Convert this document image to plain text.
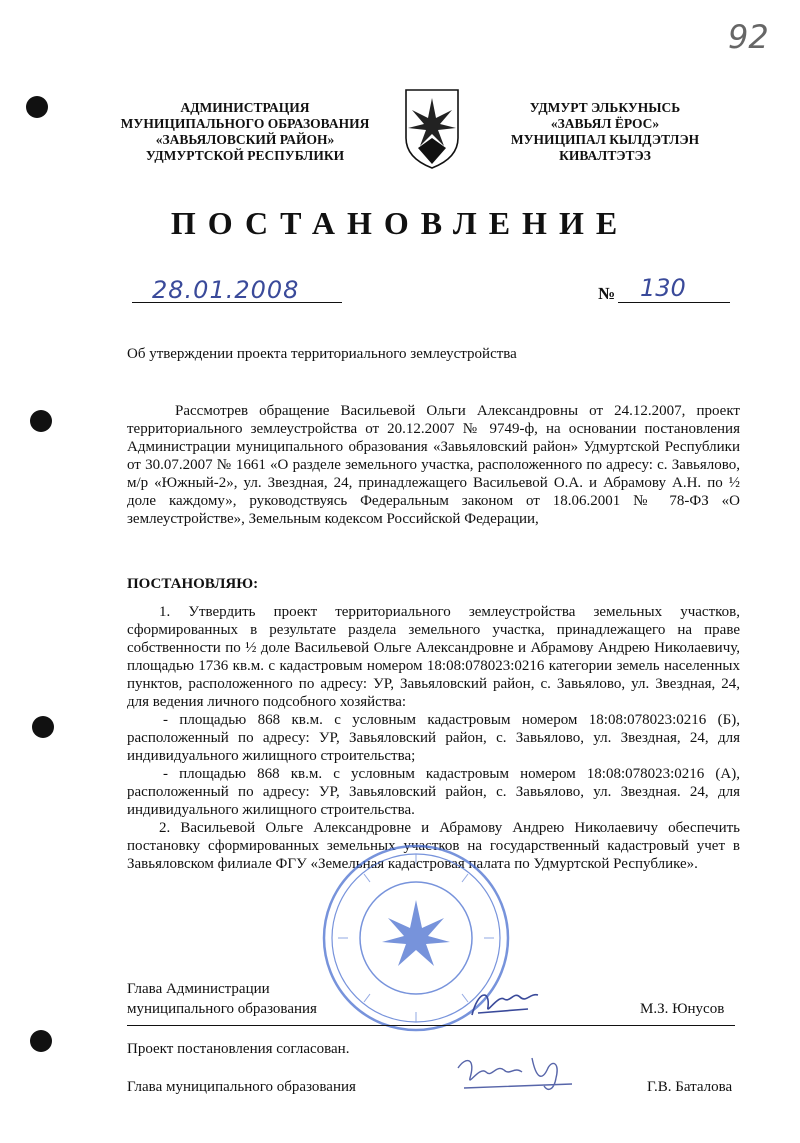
92
АДМИНИСТРАЦИЯ
МУНИЦИПАЛЬНОГО ОБРАЗОВАНИЯ
«ЗАВЬЯЛОВСКИЙ РАЙОН»
УДМУРТСКОЙ РЕСПУБЛИКИ
УДМУРТ ЭЛЬКУНЫСЬ
«ЗАВЬЯЛ ЁРОС»
МУНИЦИПАЛ КЫЛДЭТЛЭН
КИВАЛТЭТЭЗ
ПОСТАНОВЛЕНИЕ
28.01.2008	№ 130
Об утверждении проекта территориального землеустройства

Рассмотрев обращение Васильевой Ольги Александровны от 24.12.2007, проект территориального землеустройства от 20.12.2007 № 9749-ф, на основании постановления Администрации муниципального образования «Завьяловский район» Удмуртской Республики от 30.07.2007 № 1661 «О разделе земельного участка, расположенного по адресу: с. Завьялово, м/р «Южный-2», ул. Звездная, 24, принадлежащего Васильевой О.А. и Абрамову А.Н. по ½ доле каждому», руководствуясь Федеральным законом от 18.06.2001 № 78-ФЗ «О землеустройстве», Земельным кодексом Российской Федерации,

ПОСТАНОВЛЯЮ:

1. Утвердить проект территориального землеустройства земельных участков, сформированных в результате раздела земельного участка, принадлежащего на праве собственности по ½ доле Васильевой Ольге Александровне и Абрамову Андрею Николаевичу, площадью 1736 кв.м. с кадастровым номером 18:08:078023:0216 категории земель населенных пунктов, расположенного по адресу: УР, Завьяловский район, с. Завьялово, ул. Звездная, 24, для ведения личного подсобного хозяйства:

- площадью 868 кв.м. с условным кадастровым номером 18:08:078023:0216 (Б), расположенный по адресу: УР, Завьяловский район, с. Завьялово, ул. Звездная, 24, для индивидуального жилищного строительства;

- площадью 868 кв.м. с условным кадастровым номером 18:08:078023:0216 (А), расположенный по адресу: УР, Завьяловский район, с. Завьялово, ул. Звездная. 24, для индивидуального жилищного строительства.

2. Васильевой Ольге Александровне и Абрамову Андрею Николаевичу обеспечить постановку сформированных земельных участков на государственный кадастровый учет в Завьяловском филиале ФГУ «Земельная кадастровая палата по Удмуртской Республике».

Глава Администрации
муниципального образования	М.З. Юнусов
Проект постановления согласован.
Глава муниципального образования	Г.В. Баталова
